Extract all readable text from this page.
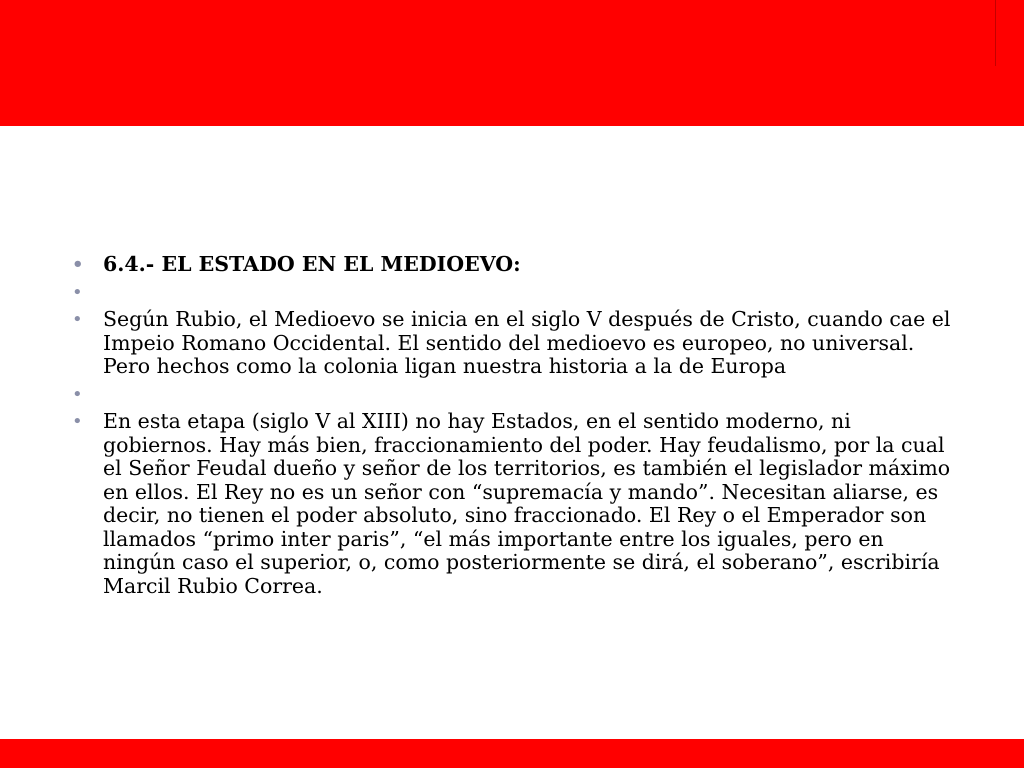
• 6.4.- EL ESTADO EN EL MEDIOEVO:
•
• Según Rubio, el Medioevo se inicia en el siglo V después de Cristo, cuando cae el Impeio Romano Occidental. El sentido del medioevo es europeo, no universal. Pero hechos como la colonia ligan nuestra historia a la de Europa
•
• En esta etapa (siglo V al XIII) no hay Estados, en el sentido moderno, ni gobiernos. Hay más bien, fraccionamiento del poder. Hay feudalismo, por la cual el Señor Feudal dueño y señor de los territorios, es también el legislador máximo en ellos. El Rey no es un señor con “supremacía y mando”. Necesitan aliarse, es decir, no tienen el poder absoluto, sino fraccionado. El Rey o el Emperador son llamados “primo inter paris”, “el más importante entre los iguales, pero en ningún caso el superior, o, como posteriormente se dirá, el soberano”, escribiría Marcil Rubio Correa.
